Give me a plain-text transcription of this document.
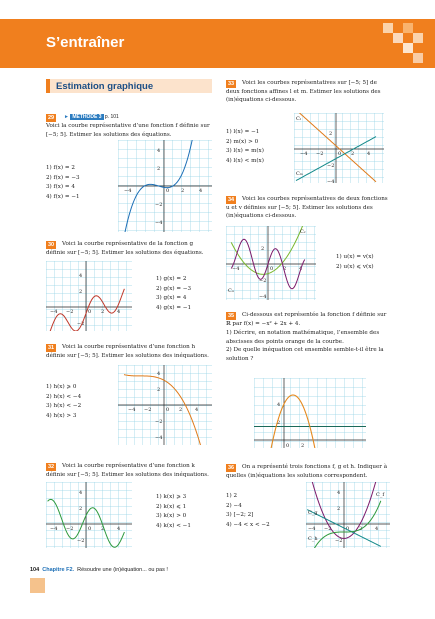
S’entraîner
Estimation graphique
29	► MÉTHODE 3 p. 101
Voici la courbe représentative d’une fonction f définie sur [−5; 5]. Estimer les solutions des équations.
1) f(x) = 2
2) f(x) = −3
3) f(x) = 4
4) f(x) = −1
4
2
−4	0 2	4
−2
−4
30	Voici la courbe représentative de la fonction g définie sur [−5; 5]. Estimer les solutions des équations.
4
2
−4 −2	0 2	4
−2
1) g(x) = 2
2) g(x) = −3
3) g(x) = 4
4) g(x) = −1
31	Voici la courbe représentative d’une fonction h définie sur [−5; 5]. Estimer les solutions des inéquations.
1) h(x) ⩾ 0
2) h(x) < −4
3) h(x) < −2
4) h(x) > 3
4
2
−4 −2	0 2	4
−2
−4
32	Voici la courbe représentative d’une fonction k définie sur [−5; 5]. Estimer les solutions des inéquations.
4
2
−4 −2	0 2	4
−2
1) k(x) ⩾ 3
2) k(x) ⩽ 1
3) k(x) > 0
4) k(x) < −1
33	Voici les courbes représentatives sur [−5; 5] de deux fonctions affines l et m. Estimer les solutions des (in)équations ci-dessous.
1) l(x) = −1
2) m(x) > 0
3) l(x) = m(x)
4) l(x) < m(x)
2
−4 −2	0 2	4
−2
−4
Cₗ
Cₘ
34	Voici les courbes représentatives de deux fonctions u et v définies sur [−5; 5]. Estimer les solutions des (in)équations ci-dessous.
2
−4	0 2	4
−2
−4
Cᵥ
Cᵤ
1) u(x) = v(x)
2) u(x) ⩽ v(x)
35	Ci-dessous est représentée la fonction f définie sur ℝ par f(x) = −x² + 2x + 4.
1) Décrire, en notation mathématique, l’ensemble des abscisses des points orange de la courbe.
2) De quelle inéquation cet ensemble semble-t-il être la solution ?
4
2
0 2
36	On a représenté trois fonctions f, g et h. Indiquer à quelles (in)équations les solutions correspondent.
1) 2
2) −4
3) [−2; 2]
4) −4 < x < −2
4
2
−4 −2	0 2	4
−2
C_f
C_g
C_h
104 Chapitre F2. Résoudre une (in)équation... ou pas !
